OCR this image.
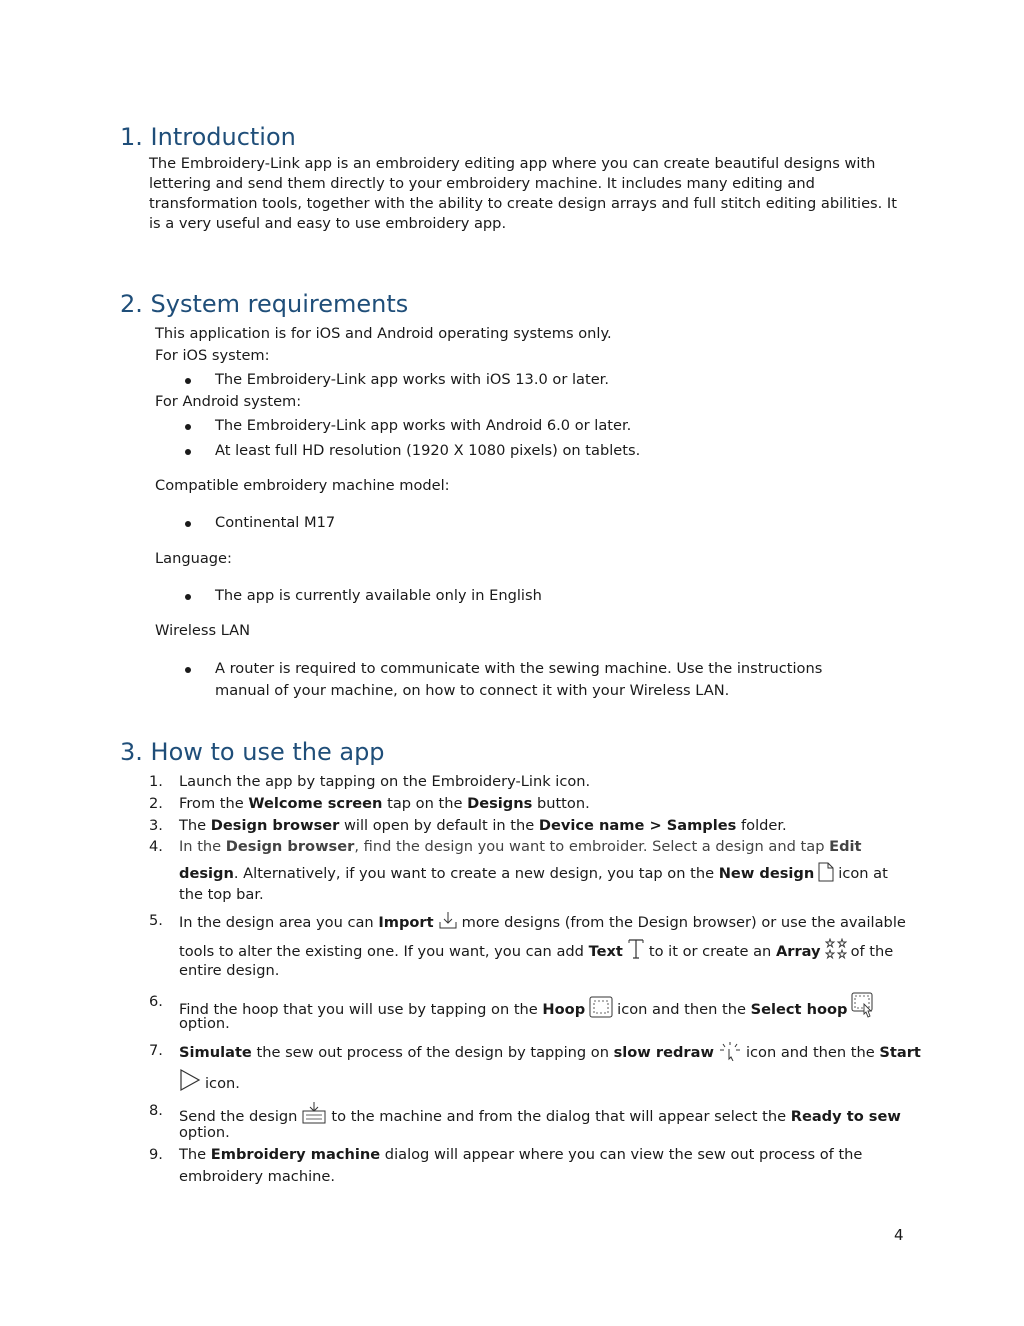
1. Introduction
The Embroidery-Link app is an embroidery editing app where you can create beautiful designs with
lettering and send them directly to your embroidery machine. It includes many editing and
transformation tools, together with the ability to create design arrays and full stitch editing abilities. It
is a very useful and easy to use embroidery app.
2. System requirements
This application is for iOS and Android operating systems only.
For iOS system:
The Embroidery-Link app works with iOS 13.0 or later.
For Android system:
The Embroidery-Link app works with Android 6.0 or later.
At least full HD resolution (1920 X 1080 pixels) on tablets.
Compatible embroidery machine model:
Continental M17
Language:
The app is currently available only in English
Wireless LAN
A router is required to communicate with the sewing machine. Use the instructions
manual of your machine, on how to connect it with your Wireless LAN.
3. How to use the app
1. Launch the app by tapping on the Embroidery-Link icon.
2. From the Welcome screen tap on the Designs button.
3. The Design browser will open by default in the Device name > Samples folder.
4. In the Design browser, find the design you want to embroider. Select a design and tap Edit
design. Alternatively, if you want to create a new design, you tap on the New design icon at
the top bar.
5. In the design area you can Import more designs (from the Design browser) or use the available
tools to alter the existing one. If you want, you can add Text to it or create an Array of the
entire design.
6. Find the hoop that you will use by tapping on the Hoop icon and then the Select hoop
option.
7. Simulate the sew out process of the design by tapping on slow redraw icon and then the Start
icon.
8. Send the design to the machine and from the dialog that will appear select the Ready to sew
option.
9. The Embroidery machine dialog will appear where you can view the sew out process of the
embroidery machine.
4
